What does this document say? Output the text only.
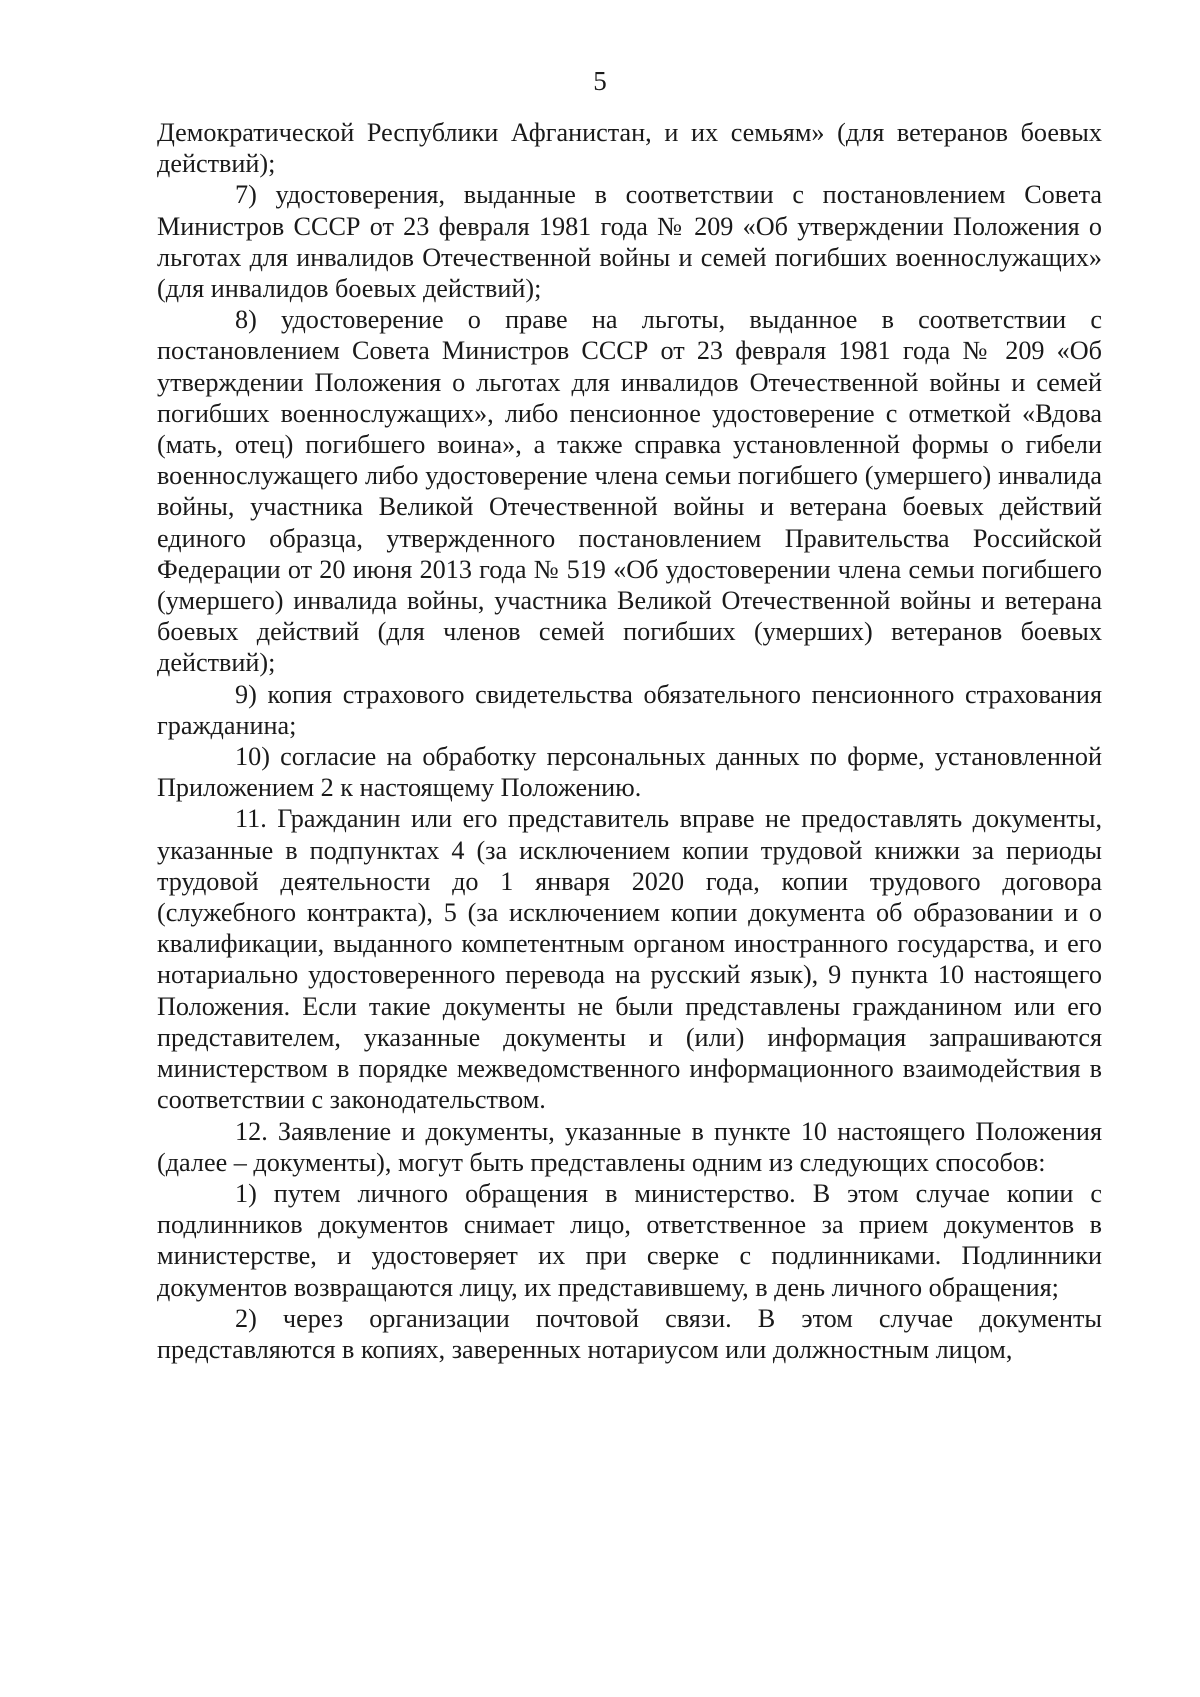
5

Демократической Республики Афганистан, и их семьям» (для ветеранов боевых действий);

7) удостоверения, выданные в соответствии с постановлением Совета Министров СССР от 23 февраля 1981 года № 209 «Об утверждении Положения о льготах для инвалидов Отечественной войны и семей погибших военнослужащих» (для инвалидов боевых действий);

8) удостоверение о праве на льготы, выданное в соответствии с постановлением Совета Министров СССР от 23 февраля 1981 года № 209 «Об утверждении Положения о льготах для инвалидов Отечественной войны и семей погибших военнослужащих», либо пенсионное удостоверение с отметкой «Вдова (мать, отец) погибшего воина», а также справка установленной формы о гибели военнослужащего либо удостоверение члена семьи погибшего (умершего) инвалида войны, участника Великой Отечественной войны и ветерана боевых действий единого образца, утвержденного постановлением Правительства Российской Федерации от 20 июня 2013 года № 519 «Об удостоверении члена семьи погибшего (умершего) инвалида войны, участника Великой Отечественной войны и ветерана боевых действий (для членов семей погибших (умерших) ветеранов боевых действий);

9) копия страхового свидетельства обязательного пенсионного страхования гражданина;

10) согласие на обработку персональных данных по форме, установленной Приложением 2 к настоящему Положению.

11. Гражданин или его представитель вправе не предоставлять документы, указанные в подпунктах 4 (за исключением копии трудовой книжки за периоды трудовой деятельности до 1 января 2020 года, копии трудового договора (служебного контракта), 5 (за исключением копии документа об образовании и о квалификации, выданного компетентным органом иностранного государства, и его нотариально удостоверенного перевода на русский язык), 9 пункта 10 настоящего Положения. Если такие документы не были представлены гражданином или его представителем, указанные документы и (или) информация запрашиваются министерством в порядке межведомственного информационного взаимодействия в соответствии с законодательством.

12. Заявление и документы, указанные в пункте 10 настоящего Положения (далее – документы), могут быть представлены одним из следующих способов:

1) путем личного обращения в министерство. В этом случае копии с подлинников документов снимает лицо, ответственное за прием документов в министерстве, и удостоверяет их при сверке с подлинниками. Подлинники документов возвращаются лицу, их представившему, в день личного обращения;

2) через организации почтовой связи. В этом случае документы представляются в копиях, заверенных нотариусом или должностным лицом,
